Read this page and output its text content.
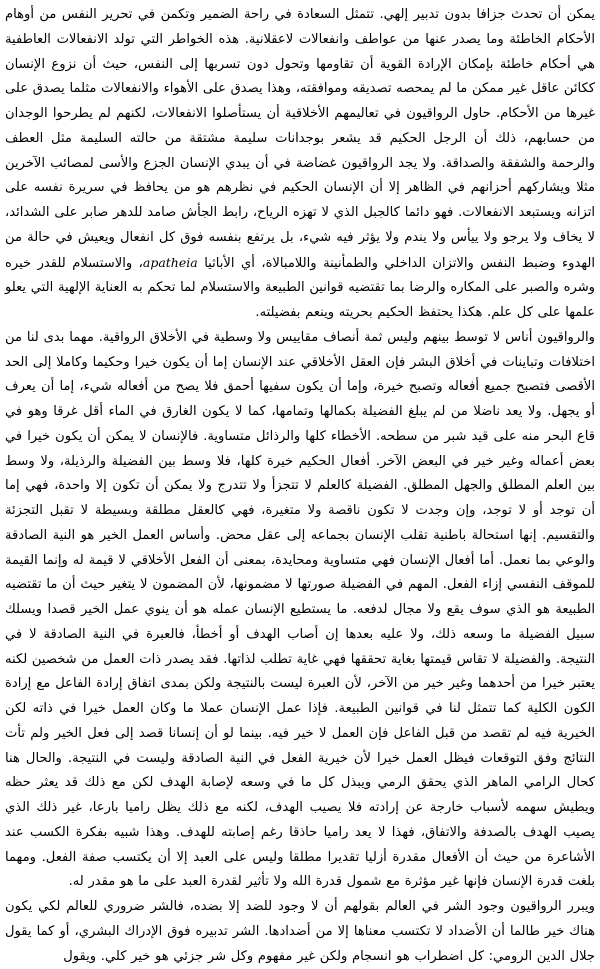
يمكن أن تحدث جزافا بدون تدبير إلهي. تتمثل السعادة في راحة الضمير وتكمن في تحرير النفس من أوهام الأحكام الخاطئة وما يصدر عنها من عواطف وانفعالات لاعقلانية. هذه الخواطر التي تولد الانفعالات العاطفية هي أحكام خاطئة بإمكان الإرادة القوية أن تقاومها وتحول دون تسربها إلى النفس، حيث أن نزوع الإنسان ككائن عاقل غير ممكن ما لم يمحصه تصديقه وموافقته، وهذا يصدق على الأهواء والانفعالات مثلما يصدق على غيرها من الأحكام. حاول الرواقيون في تعاليمهم الأخلاقية أن يستأصلوا الانفعالات، لكنهم لم يطرحوا الوجدان من حسابهم، ذلك أن الرجل الحكيم قد يشعر بوجدانات سليمة مشتقة من حالته السليمة مثل العطف والرحمة والشفقة والصداقة. ولا يجد الرواقيون غضاضة في أن يبدي الإنسان الجزع والأسى لمصائب الآخرين مثلا ويشاركهم أحزانهم في الظاهر إلا أن الإنسان الحكيم في نظرهم هو من يحافظ في سريرة نفسه على اتزانه ويستبعد الانفعالات. فهو دائما كالجبل الذي لا تهزه الرياح، رابط الجأش صامد للدهر صابر على الشدائد، لا يخاف ولا يرجو ولا ييأس ولا يندم ولا يؤثر فيه شيء، بل يرتفع بنفسه فوق كل انفعال ويعيش في حالة من الهدوء وضبط النفس والاتزان الداخلي والطمأنينة واللامبالاة، أي الأباثيا apatheia، والاستسلام للقدر خيره وشره والصبر على المكاره والرضا بما تقتضيه قوانين الطبيعة والاستسلام لما تحكم به العناية الإلهية التي يعلو علمها على كل علم. هكذا يحتفظ الحكيم بحريته وينعم بفضيلته.

والرواقيون أناس لا توسط بينهم وليس ثمة أنصاف مقاييس ولا وسطية في الأخلاق الرواقية. مهما بدى لنا من اختلافات وتباينات في أخلاق البشر فإن العقل الأخلاقي عند الإنسان إما أن يكون خيرا وحكيما وكاملا إلى الحد الأقصى فتصبح جميع أفعاله وتصبح خيرة، وإما أن يكون سفيها أحمق فلا يصح من أفعاله شيء، إما أن يعرف أو يجهل. ولا يعد ناضلا من لم يبلغ الفضيلة بكمالها وتمامها، كما لا يكون الغارق في الماء أقل غرقا وهو في قاع البحر منه على قيد شبر من سطحه. الأخطاء كلها والرذائل متساوية. فالإنسان لا يمكن أن يكون خيرا في بعض أعماله وغير خير في البعض الآخر. أفعال الحكيم خيرة كلها، فلا وسط بين الفضيلة والرذيلة، ولا وسط بين العلم المطلق والجهل المطلق. الفضيلة كالعلم لا تتجزأ ولا تتدرج ولا يمكن أن تكون إلا واحدة، فهي إما أن توجد أو لا توجد، وإن وجدت لا تكون ناقصة ولا متغيرة، فهي كالعقل مطلقة وبسيطة لا تقبل التجزئة والتقسيم. إنها استحالة باطنية تقلب الإنسان بجماعه إلى عقل محض. وأساس العمل الخير هو النية الصادقة والوعي بما نعمل. أما أفعال الإنسان فهي متساوية ومحايدة، بمعنى أن الفعل الأخلاقي لا قيمة له وإنما القيمة للموقف النفسي إزاء الفعل. المهم في الفضيلة صورتها لا مضمونها، لأن المضمون لا يتغير حيث أن ما تقتضيه الطبيعة هو الذي سوف يقع ولا مجال لدفعه. ما يستطيع الإنسان عمله هو أن ينوي عمل الخير قصدا ويسلك سبيل الفضيلة ما وسعه ذلك، ولا عليه بعدها إن أصاب الهدف أو أخطأ، فالعبرة في النية الصادقة لا في النتيجة. والفضيلة لا تقاس قيمتها بغاية تحققها فهي غاية تطلب لذاتها. فقد يصدر ذات العمل من شخصين لكنه يعتبر خيرا من أحدهما وغير خير من الآخر، لأن العبرة ليست بالنتيجة ولكن بمدى اتفاق إرادة الفاعل مع إرادة الكون الكلية كما تتمثل لنا في قوانين الطبيعة. فإذا عمل الإنسان عملا ما وكان العمل خيرا في ذاته لكن الخيرية فيه لم تقصد من قبل الفاعل فإن العمل لا خير فيه. بينما لو أن إنسانا قصد إلى فعل الخير ولم تأت النتائج وفق التوقعات فيظل العمل خيرا لأن خيرية الفعل في النية الصادقة وليست في النتيجة. والحال هنا كحال الرامي الماهر الذي يحقق الرمي ويبذل كل ما في وسعه لإصابة الهدف لكن مع ذلك قد يعثر حظه ويطيش سهمه لأسباب خارجة عن إرادته فلا يصيب الهدف، لكنه مع ذلك يظل راميا بارعا، غير ذلك الذي يصيب الهدف بالصدفة والاتفاق، فهذا لا يعد راميا حاذقا رغم إصابته للهدف. وهذا شبيه بفكرة الكسب عند الأشاعرة من حيث أن الأفعال مقدرة أزليا تقديرا مطلقا وليس على العبد إلا أن يكتسب صفة الفعل. ومهما بلغت قدرة الإنسان فإنها غير مؤثرة مع شمول قدرة الله ولا تأثير لقدرة العبد على ما هو مقدر له.

ويبرر الرواقيون وجود الشر في العالم بقولهم أن لا وجود للضد إلا بضده، فالشر ضروري للعالم لكي يكون هناك خير طالما أن الأضداد لا تكتسب معناها إلا من أضدادها. الشر تدبيره فوق الإدراك البشري، أو كما يقول جلال الدين الرومي: كل اضطراب هو انسجام ولكن غير مفهوم وكل شر جزئي هو خير كلي. ويقول
